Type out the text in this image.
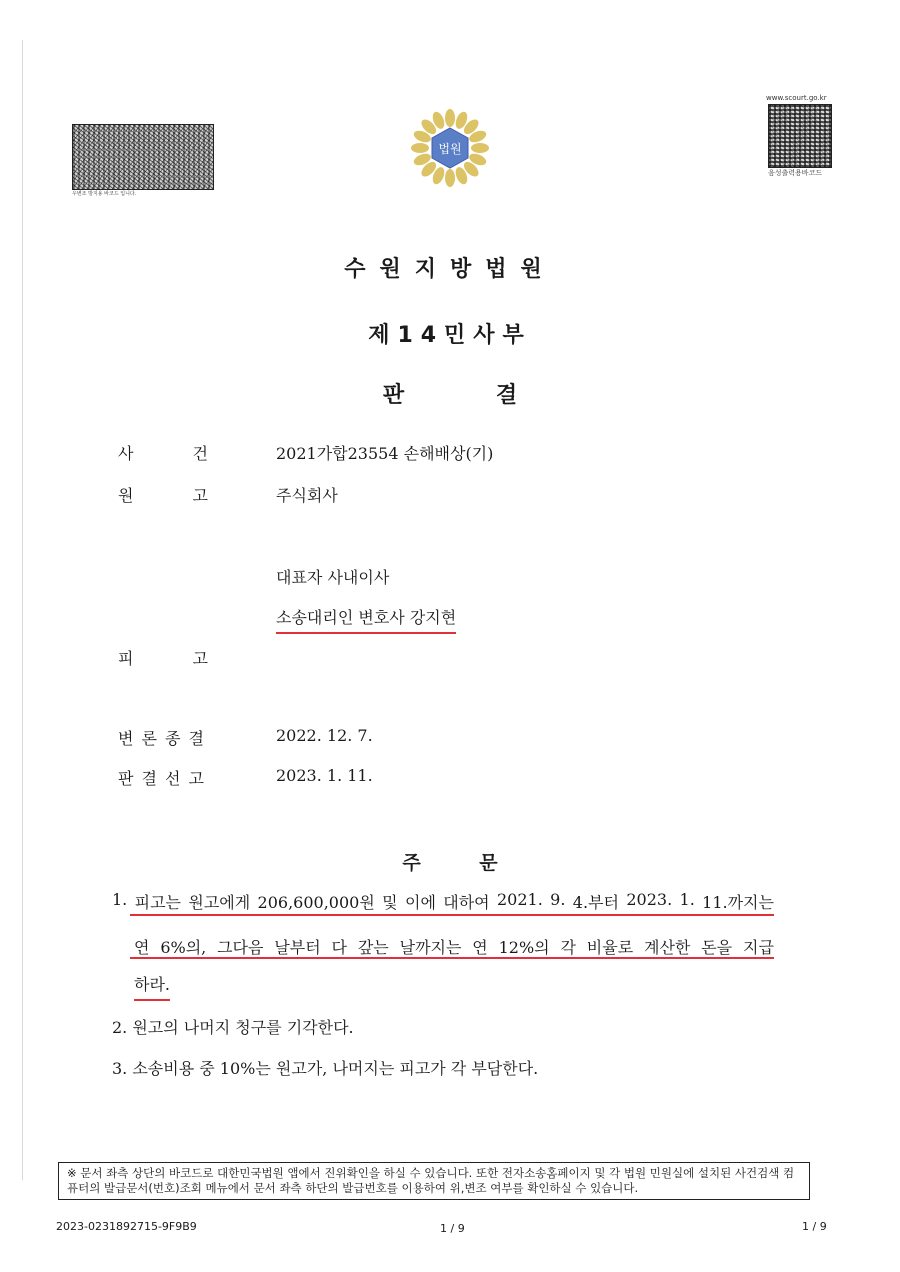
우변조 방지용 바코드 입니다.
법원
www.scourt.go.kr
음성출력용바코드
수원지방법원
제14민사부
판 결
사	건	2021가합23554 손해배상(기)
원	고	주식회사
대표자 사내이사
소송대리인 변호사 강지현
피	고
변 론 종 결	2022. 12. 7.
판 결 선 고	2023. 1. 11.
주 문
1. 피고는 원고에게 206,600,000원 및 이에 대하여 2021. 9. 4.부터 2023. 1. 11.까지는
연 6%의, 그다음 날부터 다 갚는 날까지는 연 12%의 각 비율로 계산한 돈을 지급
하라.
2. 원고의 나머지 청구를 기각한다.
3. 소송비용 중 10%는 원고가, 나머지는 피고가 각 부담한다.
※ 문서 좌측 상단의 바코드로 대한민국법원 앱에서 진위확인을 하실 수 있습니다. 또한 전자소송홈페이지 및 각 법원 민원실에 설치된 사건검색 컴퓨터의 발급문서(번호)조회 메뉴에서 문서 좌측 하단의 발급번호를 이용하여 위,변조 여부를 확인하실 수 있습니다.
2023-0231892715-9F9B9	1 / 9	1 / 9
